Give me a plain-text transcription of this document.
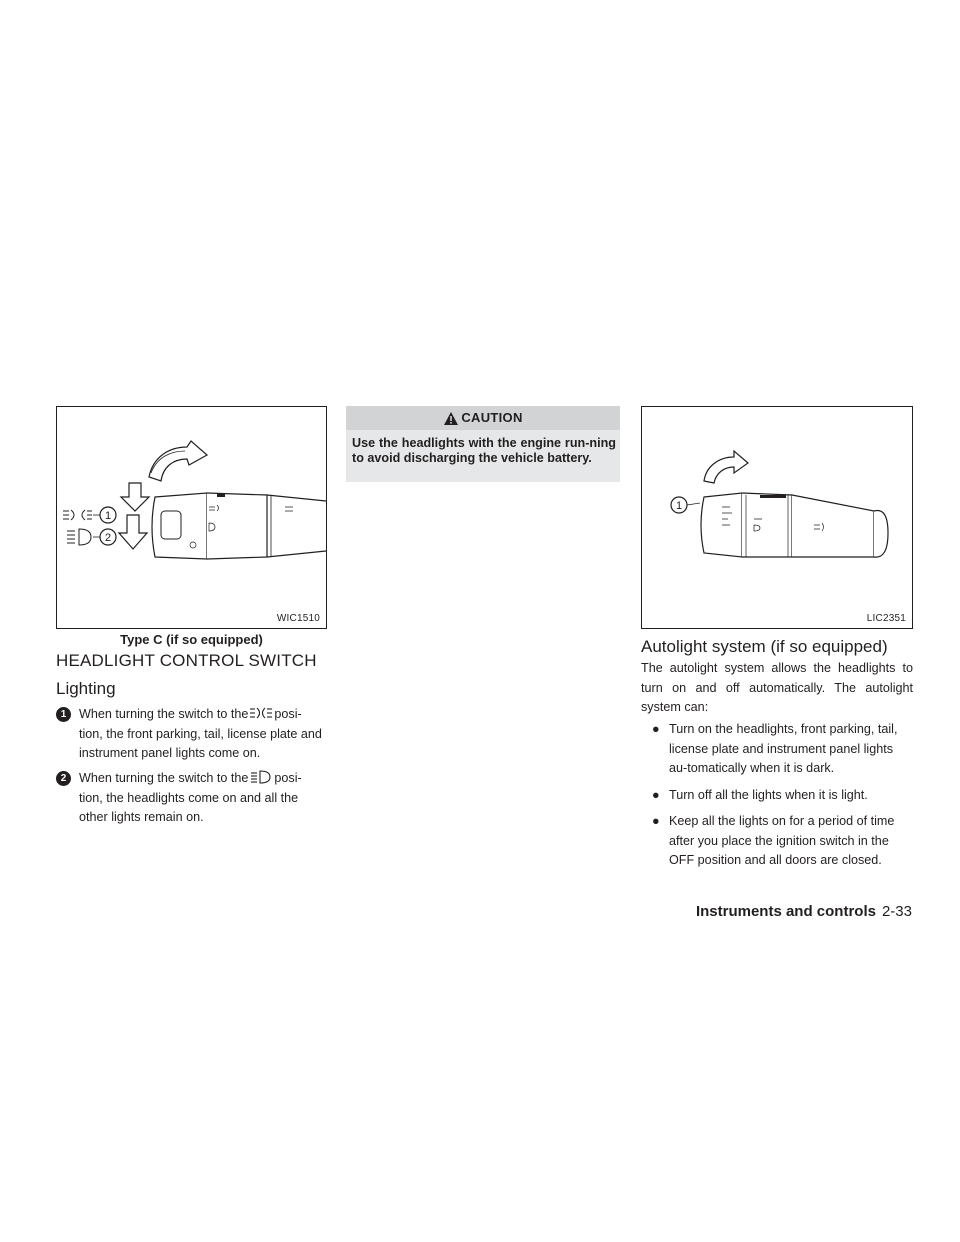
1
2
WIC1510
Type C (if so equipped)
HEADLIGHT CONTROL SWITCH
Lighting
1	When turning the switch to the posi- tion, the front parking, tail, license plate and instrument panel lights come on.
2	When turning the switch to the posi- tion, the headlights come on and all the other lights remain on.
CAUTION
Use the headlights with the engine run-ning to avoid discharging the vehicle battery.
1
LIC2351
Autolight system (if so equipped)
The autolight system allows the headlights to turn on and off automatically. The autolight system can:
● Turn on the headlights, front parking, tail, license plate and instrument panel lights au-tomatically when it is dark.
● Turn off all the lights when it is light.
● Keep all the lights on for a period of time after you place the ignition switch in the OFF position and all doors are closed.
Instruments and controls 2-33
